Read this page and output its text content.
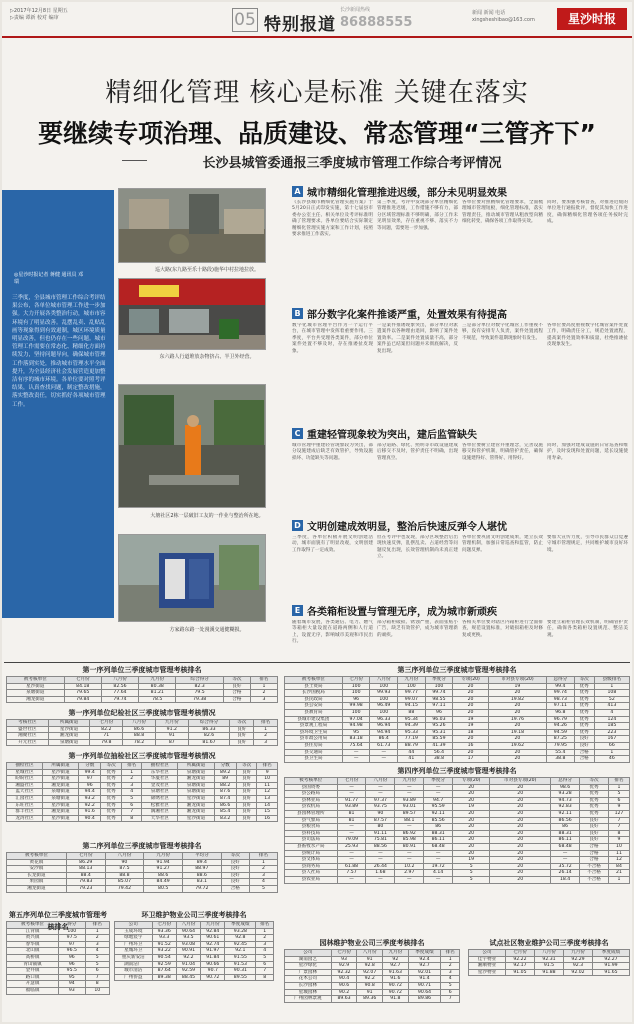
▷2017年12月8日 星期五
▷责编 谭新 校对 编审	05 特别报道
长沙新闻热线
86888555
新闻 新闻 电话
xingsheshibao@163.com	星沙时报
精细化管理 核心是标准 关键在落实
要继续专项治理、品质建设、常态管理“三管齐下”
长沙县城管委通报三季度城市管理工作综合考评情况
◎星沙时报记者 蒋健 通讯员 邓瑞
三季度，全县城市管理工作综合考评结果公布，各单位城市管理工作进一步加强。大力开展各类整治行动，城市市容环境有了明显改善。乱摆乱卖、乱贴乱画等现象得到有效遏制，城区环境质量明显改善，但也仍存在一些问题。城市管理工作需要在常态化、精细化方面持续发力，坚持问题导向，确保城市管理工作落到实处，推动城市管理水平全面提升，为全县经济社会发展营造更加整洁有序的城市环境。各单位要对照考评结果，认真查找问题，制定整改措施，落实整改责任，切实抓好各项城市管理工作。
巡大路(东九路至乐十路段)施华中村拉地拉放。
东六路人行道堆放杂物挤占、半卫外经营。
大塘社区2栋一层破旧工友的一作业与整治所在地。
方家路东路一处漫溪交通健糊损。
A 城市精细化管理推进迟缓，部分未见明显效果
《长沙县城市精细化管理实施方案》于5月20日正式印发实施，第十七届县市委办公室主任、相关单位及考评标准明确了管理要求。各单位要结合实际制定精细化管理实施方案和工作计划，按照要求推进工作落实。
第三季度，考评中发现部分单位精细化管理推进迟缓，工作措施不够有力，部分区域管理标准不够明确，部分工作未见明显效果，存在重视不够、落实不力等问题，需要进一步加强。
各单位要对照精细化管理要求，全面梳理城市管理短板，细化管理标准，落实管理责任，推动城市管理从粗放型向精细化转变，确保各项工作取得实效。
同时，要加强考核督查，对推进迟缓的单位进行通报批评，督促其加快工作进度，确保精细化管理各项任务按时完成。
B 部分数字化案件推诿严重，处置效果有待提高
数字化城市管理平台作为一个运行平台，在城市管理中发挥着重要作用。三季度，平台共受理各类案件，部分单位案件处置不够及时，存在推诿扯皮现象。
一是案件推诿现象突出，部分单位对派遣案件以各种理由退回，影响了案件处置效率。二是案件处置质量不高，部分案件虽已结案但问题并未彻底解决，反复出现。
三是部分单位对数字化城管工作重视不够，没有安排专人负责，案件处置流程不规范，导致案件超期现象时有发生。
各单位要高度重视数字化城管案件处置工作，明确责任分工，规范处置流程，提高案件处置效率和质量，杜绝推诿扯皮现象发生。
C 重建轻管现象较为突出，建后监管缺失
城市管理中重建轻管现象较为突出，部分设施建成后缺乏有效管护，导致设施损坏、功能缺失等问题。
部分道路、绿化、照明等市政设施建成后移交不及时，管护责任不明确，出现管理真空。
各单位要树立建管并重理念，完善设施移交和管护机制，明确管护责任，确保设施建得好、管得好、用得好。
同时，加强对建成设施的日常巡查和维护，及时发现和处置问题，延长设施使用寿命。
D 文明创建成效明显，整治后快速反弹令人堪忧
三季度，各单位积极开展文明创建活动，城市面貌有了明显改观，文明创建工作取得了一定成效。
但在考评中也发现，部分区域整治后出现快速反弹，乱摆乱卖、占道经营等问题反复出现，长效管理机制尚未真正建立。
各单位要巩固文明创建成果，建立长效管理机制，加强日常巡查和监管，防止问题反弹。
要加大宣传力度，引导市民群众自觉遵守城市管理规定，共同维护城市良好环境。
E 各类箱柜设置与管理无序，成为城市新顽疾
随着城市发展，各类通信、电力、燃气等箱柜大量设置在道路两侧和人行道上，设置无序，影响城市美观和市民出行。
部分箱柜破损、锈蚀严重，表面张贴小广告，缺乏有效管护，成为城市管理新的顽疾。
各相关单位要对辖区内箱柜进行全面排查，规范设置标准，对破损箱柜及时修复或更换。
要建立箱柜管理长效机制，明确管护责任，确保各类箱柜设置规范、整洁美观。
第一序列单位三季度城市管理考核排名
被考核单位	七月份	八月份	九月份	综合得分	等次	排名
星沙街道	84.18	82.56	80.38	82.3	良好	1
泉塘街道	79.65	77.64	81.21	79.5	合格	2
湘龙街道	79.84	79.74	78.5	79.38	合格	3
第一序列单位纪检社区三季度城市管理考核情况
考核社区	所属街道	七月份	八月份	九月份	综合得分	等次	排名
盛世社区	星沙街道	82.2	86.6	91.2	86.33	良好	1
湘聚社区	湘龙街道	71	88.8	91	82.6	良好	2
开元社区	泉塘街道	79.8	78.2	87	81.67	良好	3
第一序列单位抽检社区三季度城市管理考核情况
抽检社区	所属街道	分数	等次	排名	抽检社区	所属街道	分数	等次	排名
星城社区	星沙街道	99.4	优秀	1	东华社区	泉塘街道	89.2	良好	9
盼盼社区	星沙街道	97	优秀	2	华厦社区	湘龙街道	89	良好	10
湘盛社区	湘龙街道	96	优秀	3	金茂社区	泉塘街道	88.2	良好	11
蓝天社区	泉塘街道	94.4	优秀	4	泉塘社区	泉塘街道	87.6	良好	12
汇园社区	泉塘街道	93.2	优秀	5	锦绣社区	星沙街道	87.4	良好	13
东旺社区	星沙街道	92.2	优秀	6	松雅社区	湘龙街道	86.6	良好	14
群丰社区	湘龙街道	91.6	优秀	7	漓湘社区	湘龙街道	85.4	良好	15
龙湾社区	星沙街道	90.4	优秀	8	天华社区	星沙街道	83.2	良好	16
第二序列单位三季度城市管理考核排名
被考核单位	七月份	八月份	九月份	平均分	等次	排名
黄花镇	86.29	90	91.94	89.4	良好	1
安沙镇	88.13	87.5	91.27	88.97	良好	2
长龙街道	88.4	88.8	88.6	88.6	良好	3
果园镇	79.83	85.07	84.49	83.1	良好	4
湘龙街道	79.23	79.42	80.5	79.72	合格	5
第三序列单位三季度城市管理考核排名
被考核单位	七月份	八月份	九月份	季度分	专项(20)	市对县专项(20)	总得分	等次	县级排名
县土资局	100	100	100	100	20	19	99.4	优秀	1
长沙国税局	100	99.93	99.77	99.74	20	20	99.74	优秀	108
县民政局	96	100	99.07	98.55	20	19.82	98.73	优秀	52
县公安局	99.98	96.49	94.15	97.11	20	20	97.11	优秀	413
县教育局	100	100	88	96	20	20	96.8	优秀	4
县城市建设集团	97.04	96.33	95.34	96.03	19	19.76	96.79	优秀	124
县景观工程局	94.98	96.94	94.39	95.26	19	20	94.26	优秀	185
县环境卫生局	95	94.94	95.33	95.31	18	19.18	94.59	优秀	223
县市政公用局	83.18	86.4	77.19	85.59	20	20	87.25	良好	167
县住房局	75.64	61.73	88.79	41.39	16	19.62	79.95	良好	66
县交通局	—	—	44	56.4	20	20	55.4	合格	1
县卫生局	—	—	41	38.8	17	20	38.8	合格	46
第四序列单位三季度城市管理考核排名
被考核单位	七月份	八月份	九月份	季度分	专项(20)	市对县专项(20)	总得分	等次	排名
县国资委	—	—	—	—	20	20	98.6	优秀	1
县公路局	—	—	—	—	20	20	93.28	优秀	5
县林业局	91.77	97.37	93.89	94.7	20	20	94.73	优秀	6
县农机局	93.89	93.75	93.01	95.59	19	20	92.83	优秀	9
县园林管理所	81	90	89.57	92.11	20	20	92.11	优秀	127
县气象局	81	87.57	88.1	85.56	20	20	86.56	良好	7
县粮食局	—	80	—	86	20	20	86	良好	7
县科技局	—	91.11	86.92	88.31	20	20	88.31	良好	8
县司法局	79.09	75.81	85.98	86.11	20	20	86.11	良好	9
县畜牧水产局	25.93	88.56	80.91	68.48	20	20	68.48	合格	10
县统计局	—	—	—	—	20	20	—	合格	11
县文体局	—	—	—	—	19	20	—	合格	12
县商务局	61.88	26.44	10.2	19.72	5	20	35.72	不合格	84
县人社局	7.57	1.68	2.97	4.14	5	20	26.14	不合格	21
县农业局	—	—	—	—	5	20	18.4	不合格	1
第五序列单位三季度城市管理考核排名
被考核单位	得分	排名
江背镇	100	1
黄兴镇	97.5	2
春华镇	97	3
北山镇	96.5	4
高桥镇	96	5
青山铺镇	96	5
金井镇	95.5	6
路口镇	95	7
开慧镇	94	8
福临镇	93	10
环卫维护物业公司三季度考核排名
公司	七月份	八月份	九月份	季度成绩	排名
玉成环境	93.36	90.64	92.84	93.28	1
绿地宸宇	93.3	93.5	90.61	92.8	2
广州环卫	91.52	93.08	92.74	92.45	3
星城环卫	93.22	90.91	91.97	92.1	4
重庆新安洁	90.54	92.2	91.84	91.55	5
湖南洁广	92.59	91.04	90.66	91.53	6
城市清洁	87.64	92.59	90.7	90.31	7
广州侨益	89.38	88.45	90.72	89.55	8
园林维护物业公司三季度考核排名
公司	七月份	八月份	九月份	季度成绩	排名
湖南园艺	93	91	92	92.4	1
星沙绿化	92.9	92.8	92.7	92.7	2
广景园林	92.32	92.07	91.63	92.01	3
花木公司	90.4	92.2	91.6	91.4	4
长沙园林	90.6	90.8	90.72	90.71	5
星城园林	90.2	91	90.72	90.64	6
广州园林景观	89.63	89.36	91.8	89.86	7
试点社区物业维护公司三季度考核排名
公司	七月份	八月份	九月份	季度成绩
佳宇物业	92.22	92.31	92.29	92.27
湘顺物业	92.17	91.5	92.3	91.99
星沙物业	91.05	91.88	92.02	91.65
